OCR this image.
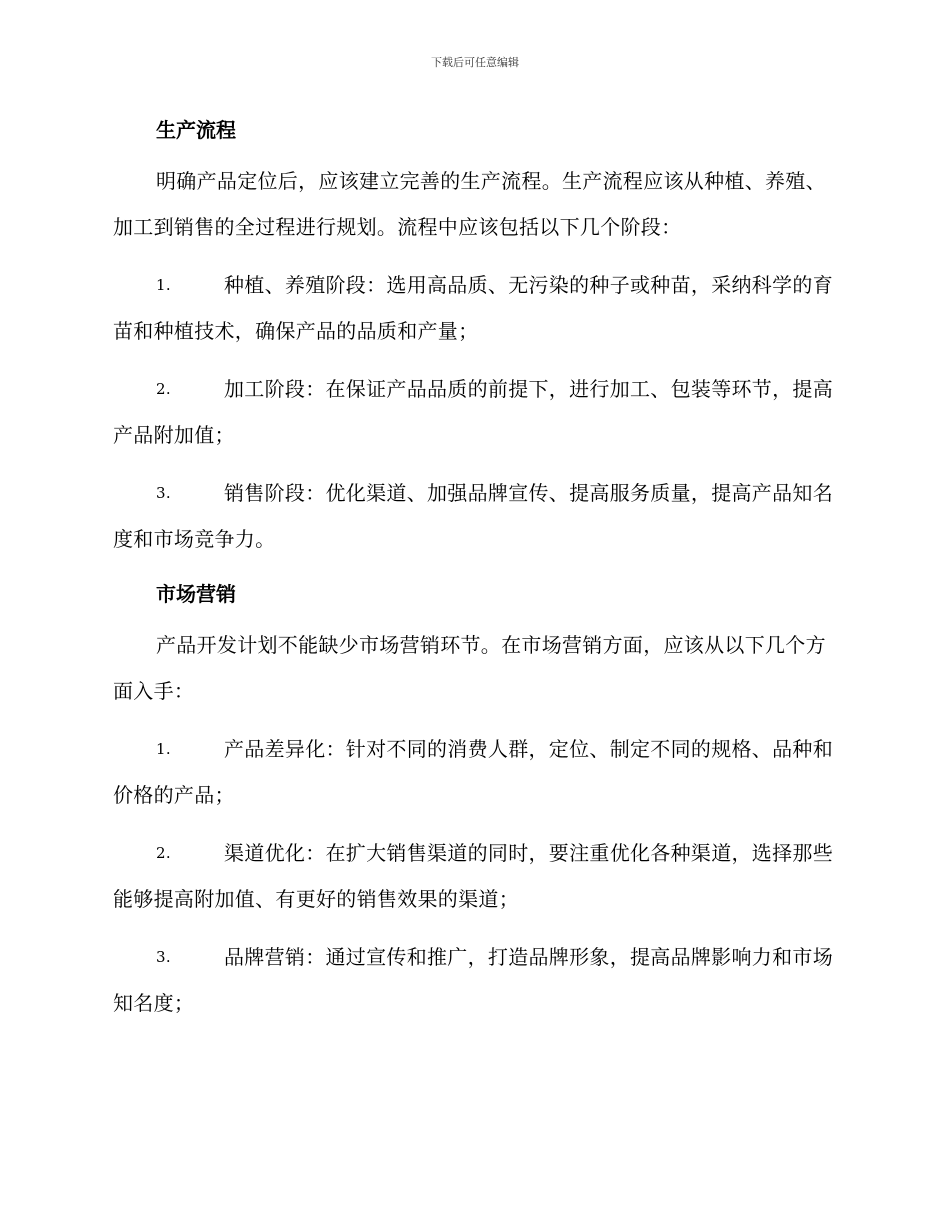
下载后可任意编辑
生产流程

明确产品定位后，应该建立完善的生产流程。生产流程应该从种植、养殖、加工到销售的全过程进行规划。流程中应该包括以下几个阶段：

1.	种植、养殖阶段：选用高品质、无污染的种子或种苗，采纳科学的育苗和种植技术，确保产品的品质和产量；
2.	加工阶段：在保证产品品质的前提下，进行加工、包装等环节，提高产品附加值；
3.	销售阶段：优化渠道、加强品牌宣传、提高服务质量，提高产品知名度和市场竞争力。
市场营销

产品开发计划不能缺少市场营销环节。在市场营销方面，应该从以下几个方面入手：

1.	产品差异化：针对不同的消费人群，定位、制定不同的规格、品种和价格的产品；
2.	渠道优化：在扩大销售渠道的同时，要注重优化各种渠道，选择那些能够提高附加值、有更好的销售效果的渠道；
3.	品牌营销：通过宣传和推广，打造品牌形象，提高品牌影响力和市场知名度；
